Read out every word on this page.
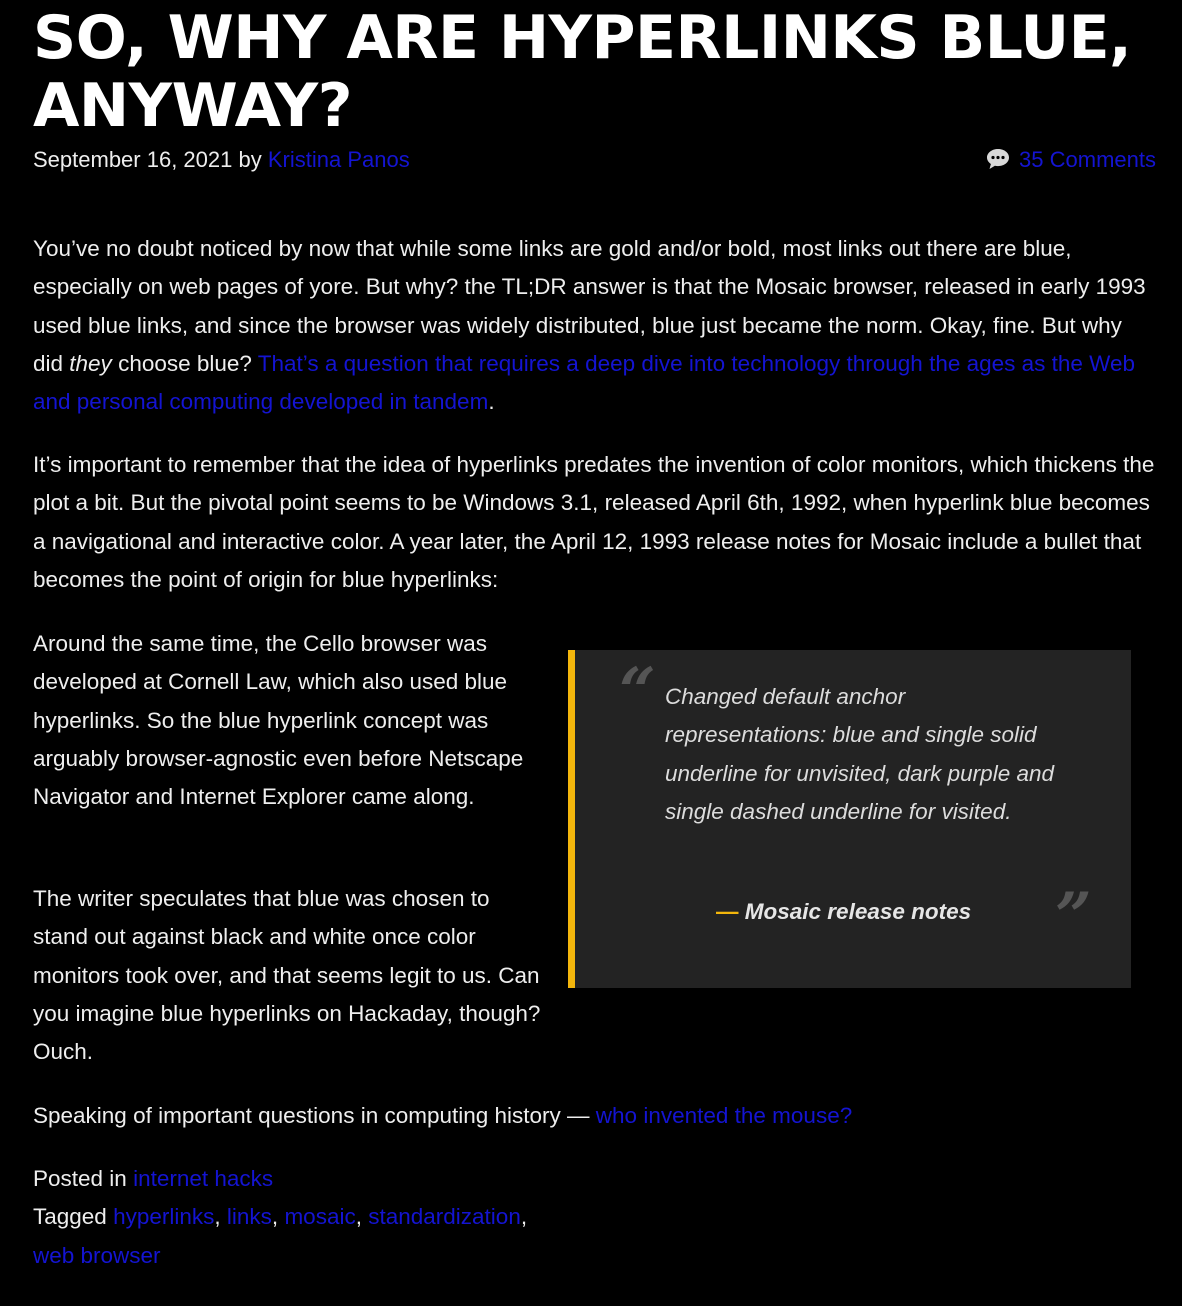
SO, WHY ARE HYPERLINKS BLUE, ANYWAY?
September 16, 2021 by Kristina Panos	35 Comments

You’ve no doubt noticed by now that while some links are gold and/or bold, most links out there are blue, especially on web pages of yore. But why? the TL;DR answer is that the Mosaic browser, released in early 1993 used blue links, and since the browser was widely distributed, blue just became the norm. Okay, fine. But why did they choose blue? That’s a question that requires a deep dive into technology through the ages as the Web and personal computing developed in tandem.

It’s important to remember that the idea of hyperlinks predates the invention of color monitors, which thickens the plot a bit. But the pivotal point seems to be Windows 3.1, released April 6th, 1992, when hyperlink blue becomes a navigational and interactive color. A year later, the April 12, 1993 release notes for Mosaic include a bullet that becomes the point of origin for blue hyperlinks:

Around the same time, the Cello browser was developed at Cornell Law, which also used blue hyperlinks. So the blue hyperlink concept was arguably browser-agnostic even before Netscape Navigator and Internet Explorer came along.

“ Changed default anchor representations: blue and single solid underline for unvisited, dark purple and single dashed underline for visited.

— Mosaic release notes ”

The writer speculates that blue was chosen to stand out against black and white once color monitors took over, and that seems legit to us. Can you imagine blue hyperlinks on Hackaday, though? Ouch.

Speaking of important questions in computing history — who invented the mouse?

Posted in internet hacks
Tagged hyperlinks, links, mosaic, standardization,
web browser
